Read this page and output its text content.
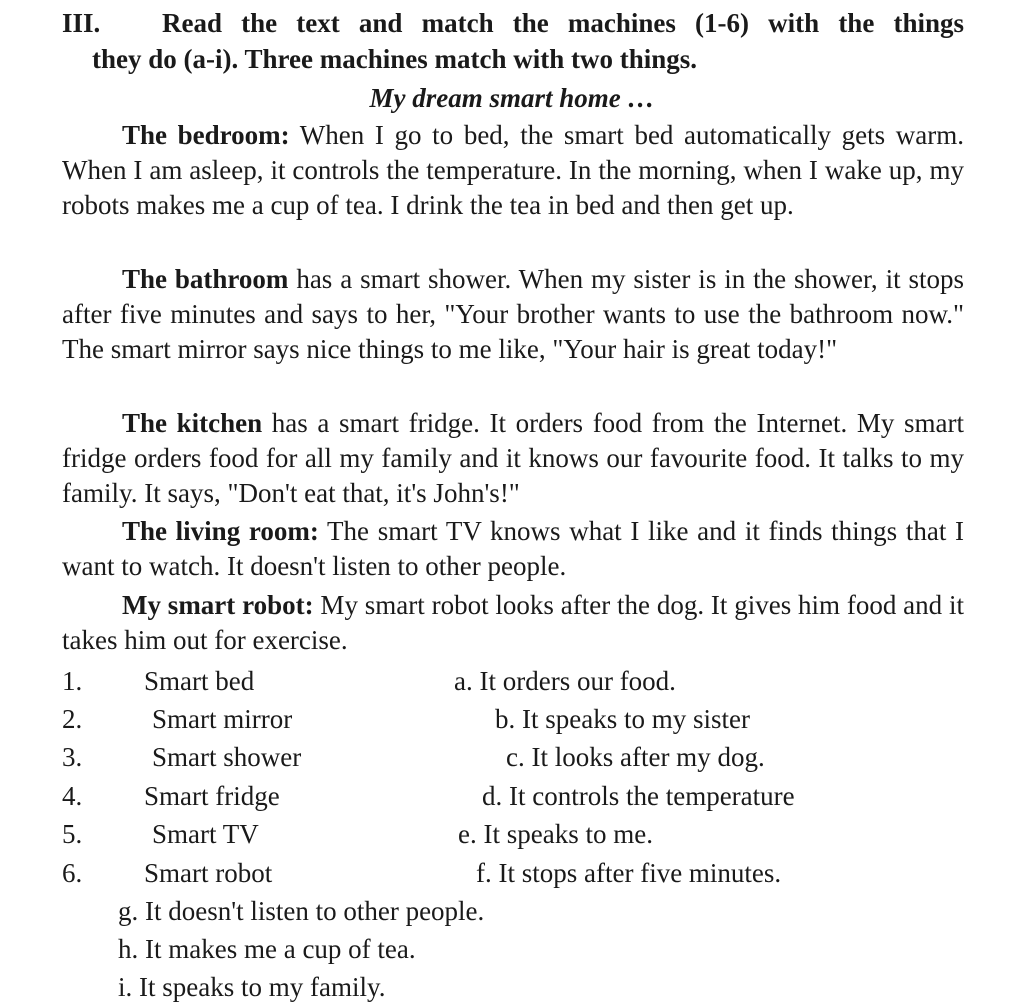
III.	Read the text and match the machines (1-6) with the things
they do (a-i). Three machines match with two things.
My dream smart home …
The bedroom: When I go to bed, the smart bed automatically gets warm. When I am asleep, it controls the temperature. In the morning, when I wake up, my robots makes me a cup of tea. I drink the tea in bed and then get up.
The bathroom has a smart shower. When my sister is in the shower, it stops after five minutes and says to her, "Your brother wants to use the bathroom now." The smart mirror says nice things to me like, "Your hair is great today!"
The kitchen has a smart fridge. It orders food from the Internet. My smart fridge orders food for all my family and it knows our favourite food. It talks to my family. It says, "Don't eat that, it's John's!"
The living room: The smart TV knows what I like and it finds things that I want to watch. It doesn't listen to other people.
My smart robot: My smart robot looks after the dog. It gives him food and it takes him out for exercise.
1. Smart bed	a. It orders our food.
2.	Smart mirror	b. It speaks to my sister
3.	Smart shower	c. It looks after my dog.
4. Smart fridge	d. It controls the temperature
5.	Smart TV	e. It speaks to me.
6. Smart robot	f. It stops after five minutes.
g. It doesn't listen to other people.
h. It makes me a cup of tea.
i. It speaks to my family.
